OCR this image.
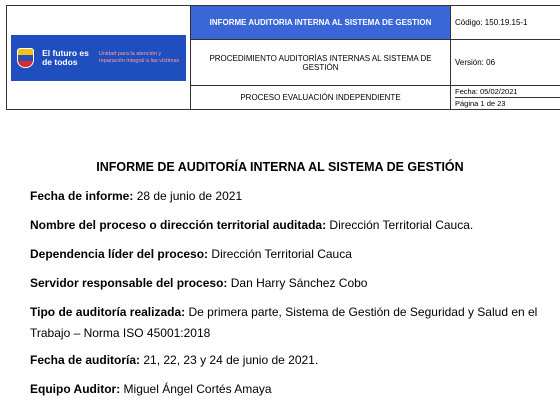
El futuro es de todos
Unidad para la atención y reparación integral a las víctimas	INFORME AUDITORIA INTERNA AL SISTEMA DE GESTION	Código: 150.19.15-1
	PROCEDIMIENTO AUDITORÍAS INTERNAS AL SISTEMA DE GESTIÓN	Versión: 06
	PROCESO EVALUACIÓN INDEPENDIENTE	Fecha: 05/02/2021
Página 1 de 23
INFORME DE AUDITORÍA INTERNA AL SISTEMA DE GESTIÓN
Fecha de informe: 28 de junio de 2021
Nombre del proceso o dirección territorial auditada: Dirección Territorial Cauca.
Dependencia líder del proceso: Dirección Territorial Cauca
Servidor responsable del proceso: Dan Harry Sánchez Cobo
Tipo de auditoría realizada: De primera parte, Sistema de Gestión de Seguridad y Salud en el Trabajo – Norma ISO 45001:2018
Fecha de auditoría: 21, 22, 23 y 24 de junio de 2021.
Equipo Auditor: Miguel Ángel Cortés Amaya
